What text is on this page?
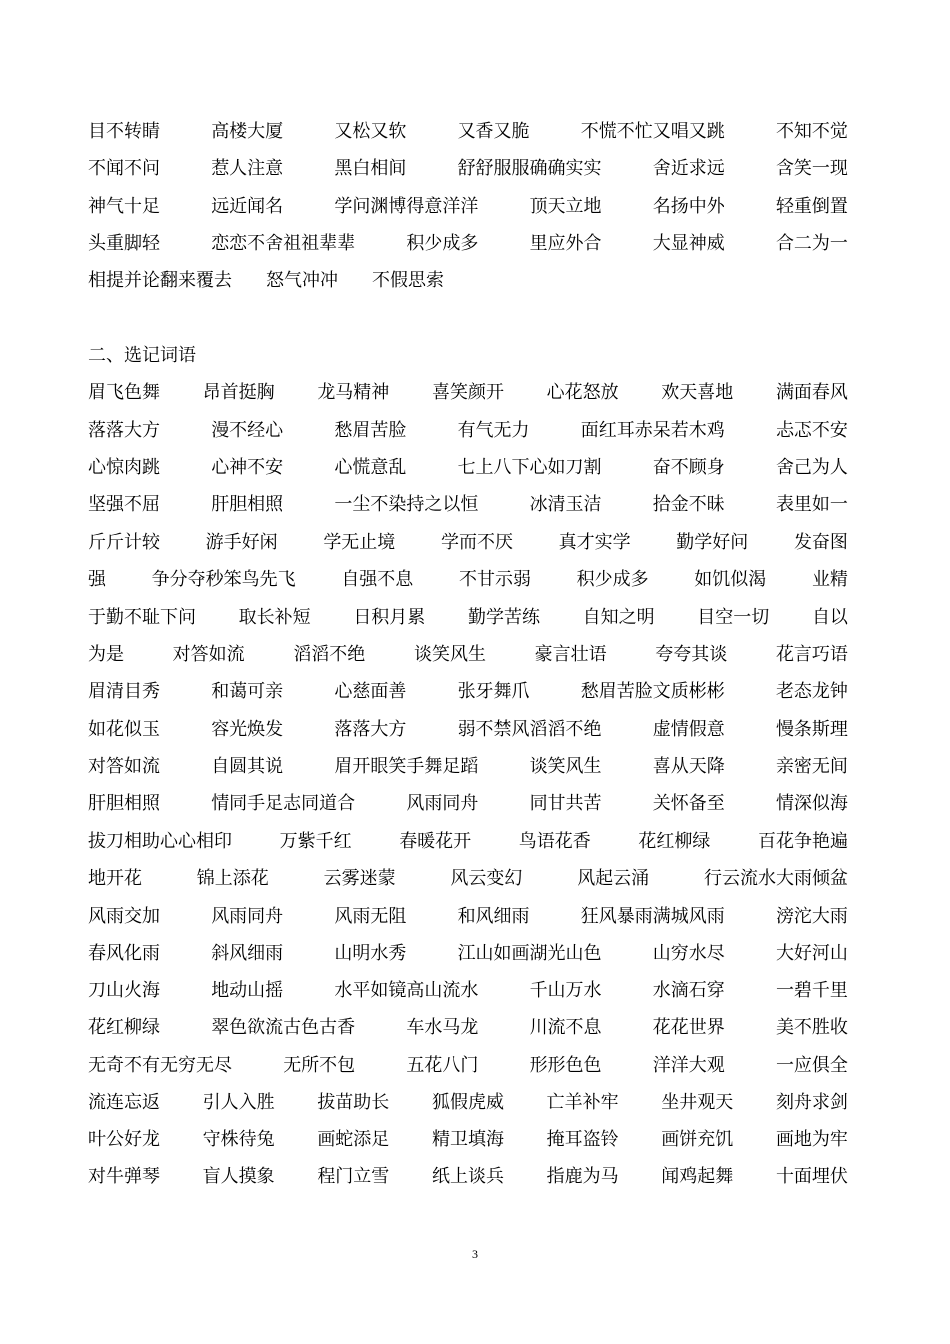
目不转睛	高楼大厦	又松又软	又香又脆	不慌不忙又唱又跳	不知不觉
不闻不问	惹人注意	黑白相间	舒舒服服确确实实	舍近求远	含笑一现
神气十足	远近闻名	学问渊博得意洋洋	顶天立地	名扬中外	轻重倒置
头重脚轻	恋恋不舍祖祖辈辈	积少成多	里应外合	大显神威	合二为一
相提并论翻来覆去 怒气冲冲 不假思索
二、选记词语
眉飞色舞 昂首挺胸 龙马精神 喜笑颜开 心花怒放 欢天喜地 满面春风
落落大方	漫不经心	愁眉苦脸	有气无力	面红耳赤呆若木鸡	忐忑不安
心惊肉跳	心神不安	心慌意乱	七上八下心如刀割	奋不顾身	舍己为人
坚强不屈	肝胆相照	一尘不染持之以恒	冰清玉洁	拾金不昧	表里如一
斤斤计较	游手好闲	学无止境	学而不厌	真才实学	勤学好问	发奋图
强	争分夺秒笨鸟先飞	自强不息	不甘示弱	积少成多	如饥似渴	业精
于勤不耻下问 取长补短 日积月累 勤学苦练 自知之明 目空一切 自以
为是	对答如流	滔滔不绝	谈笑风生	豪言壮语	夸夸其谈	花言巧语
眉清目秀	和蔼可亲	心慈面善	张牙舞爪	愁眉苦脸文质彬彬	老态龙钟
如花似玉	容光焕发	落落大方	弱不禁风滔滔不绝	虚情假意	慢条斯理
对答如流	自圆其说	眉开眼笑手舞足蹈	谈笑风生	喜从天降	亲密无间
肝胆相照	情同手足志同道合	风雨同舟	同甘共苦	关怀备至	情深似海
拔刀相助心心相印	万紫千红	春暖花开	鸟语花香	花红柳绿	百花争艳遍
地开花	锦上添花	云雾迷蒙	风云变幻	风起云涌	行云流水大雨倾盆
风雨交加	风雨同舟	风雨无阻	和风细雨	狂风暴雨满城风雨	滂沱大雨
春风化雨	斜风细雨	山明水秀	江山如画湖光山色	山穷水尽	大好河山
刀山火海	地动山摇	水平如镜高山流水	千山万水	水滴石穿	一碧千里
花红柳绿	翠色欲流古色古香	车水马龙	川流不息	花花世界	美不胜收
无奇不有无穷无尽	无所不包	五花八门	形形色色	洋洋大观	一应俱全
流连忘返 引人入胜 拔苗助长 狐假虎威 亡羊补牢 坐井观天 刻舟求剑
叶公好龙 守株待兔 画蛇添足 精卫填海 掩耳盗铃 画饼充饥 画地为牢
对牛弹琴 盲人摸象 程门立雪 纸上谈兵 指鹿为马 闻鸡起舞 十面埋伏
3
